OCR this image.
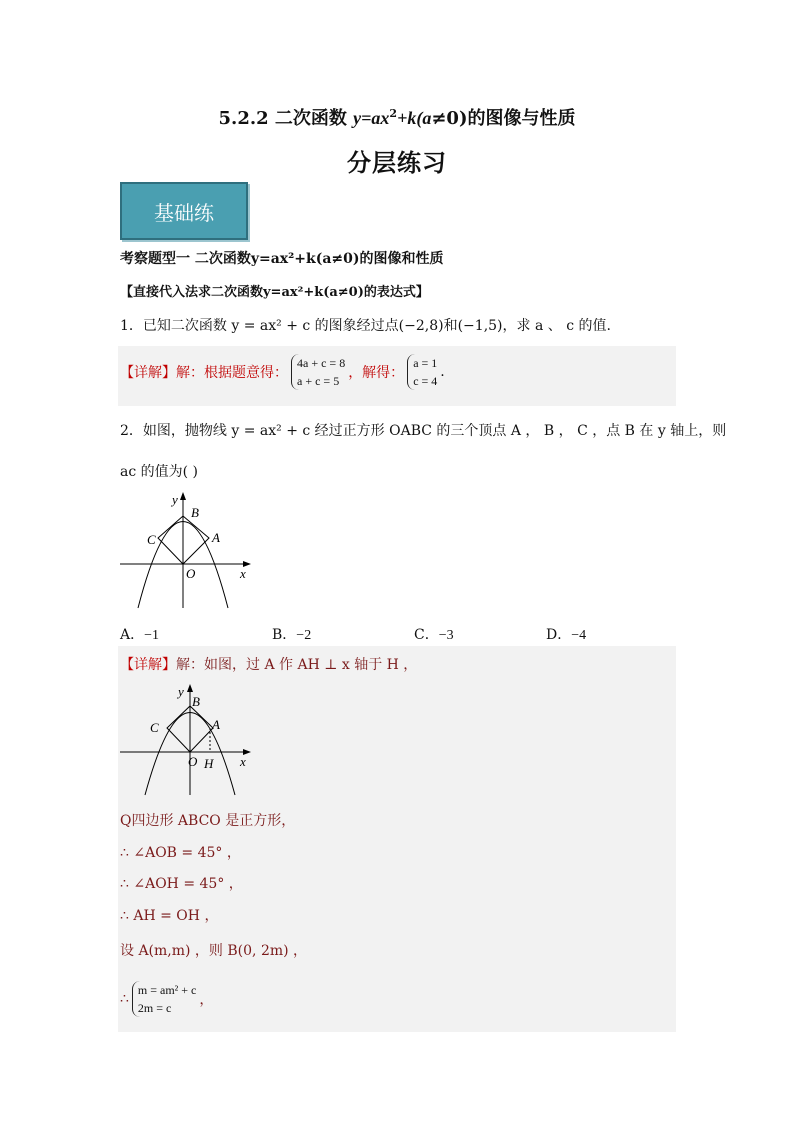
5.2.2 二次函数 $y=ax^2+k(a\ne 0)$的图像与性质
分层练习
基础练
考察题型一 二次函数y=ax²+k(a≠0)的图像和性质
【直接代入法求二次函数y=ax²+k(a≠0)的表达式】
1．已知二次函数 y = ax² + c 的图象经过点(−2,8)和(−1,5)，求 a 、 c 的值.
【详解】 解：根据题意得：
4a + c = 8
a + c = 5 ，解得：
a = 1
c = 4
.
2．如图，抛物线 y = ax² + c 经过正方形 OABC 的三个顶点 A ， B ， C ，点 B 在 y 轴上，则
ac 的值为( )
y
x
O
A
B
C
A．−1	B．−2	C．−3	D．−4
【详解】解：如图，过 A 作 AH ⊥ x 轴于 H ，
y
x
O
A
B
C
H
Q四边形 ABCO 是正方形，
∴ ∠AOB = 45° ，
∴ ∠AOH = 45° ，
∴ AH = OH ，
设 A(m,m) ，则 B(0, 2m) ，
∴
m = am² + c
2m = c	，
